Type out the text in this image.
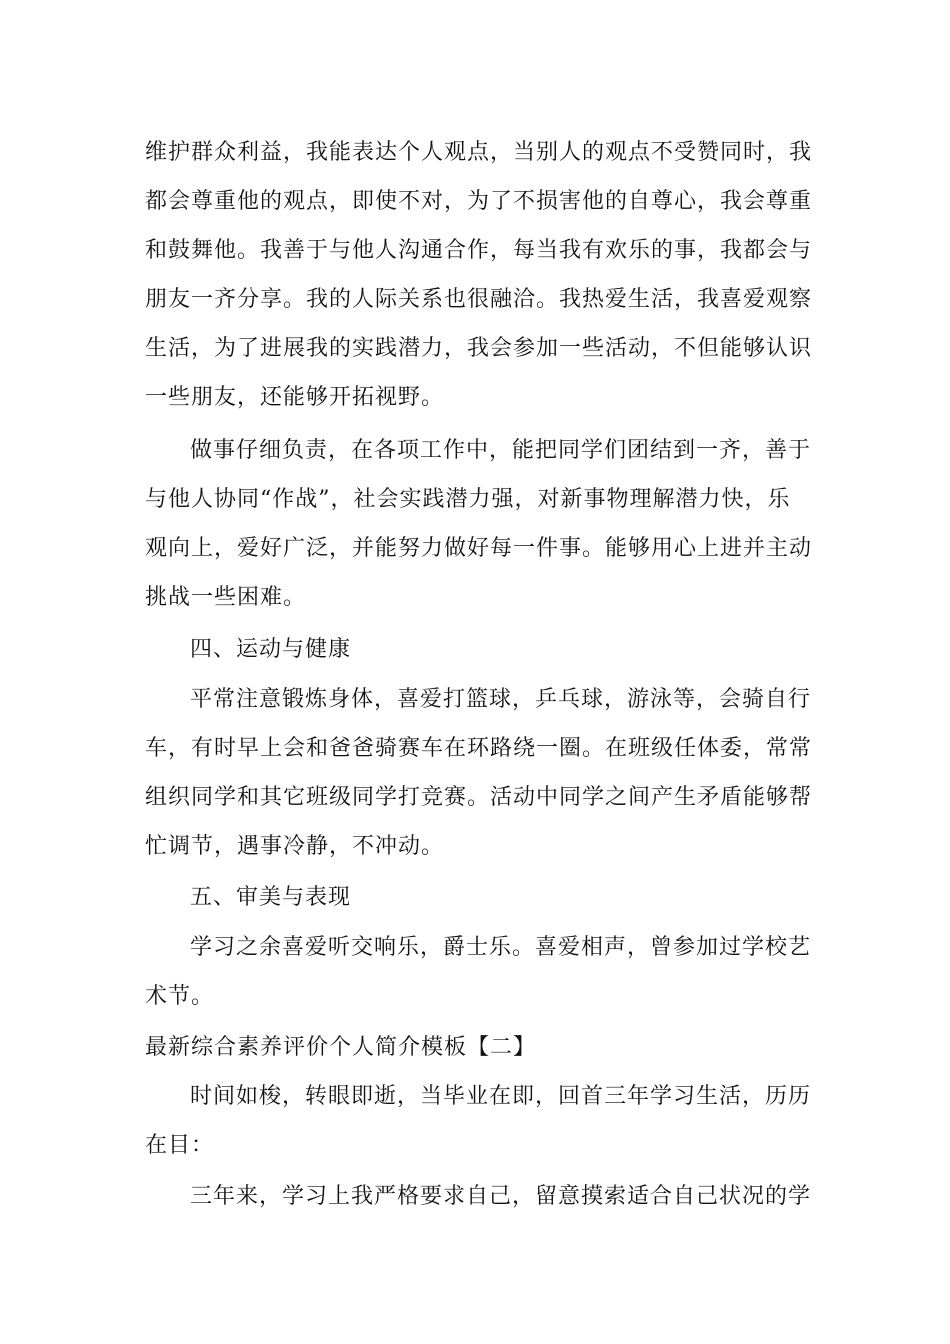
维护群众利益，我能表达个人观点，当别人的观点不受赞同时，我
都会尊重他的观点，即使不对，为了不损害他的自尊心，我会尊重
和鼓舞他。我善于与他人沟通合作，每当我有欢乐的事，我都会与
朋友一齐分享。我的人际关系也很融洽。我热爱生活，我喜爱观察
生活，为了进展我的实践潜力，我会参加一些活动，不但能够认识
一些朋友，还能够开拓视野。
做事仔细负责，在各项工作中，能把同学们团结到一齐，善于
与他人协同“作战”，社会实践潜力强，对新事物理解潜力快，乐
观向上，爱好广泛，并能努力做好每一件事。能够用心上进并主动
挑战一些困难。
四、运动与健康
平常注意锻炼身体，喜爱打篮球，乒乓球，游泳等，会骑自行
车，有时早上会和爸爸骑赛车在环路绕一圈。在班级任体委，常常
组织同学和其它班级同学打竞赛。活动中同学之间产生矛盾能够帮
忙调节，遇事冷静，不冲动。
五、审美与表现
学习之余喜爱听交响乐，爵士乐。喜爱相声，曾参加过学校艺
术节。
最新综合素养评价个人简介模板【二】
时间如梭，转眼即逝，当毕业在即，回首三年学习生活，历历
在目：
三年来，学习上我严格要求自己，留意摸索适合自己状况的学
